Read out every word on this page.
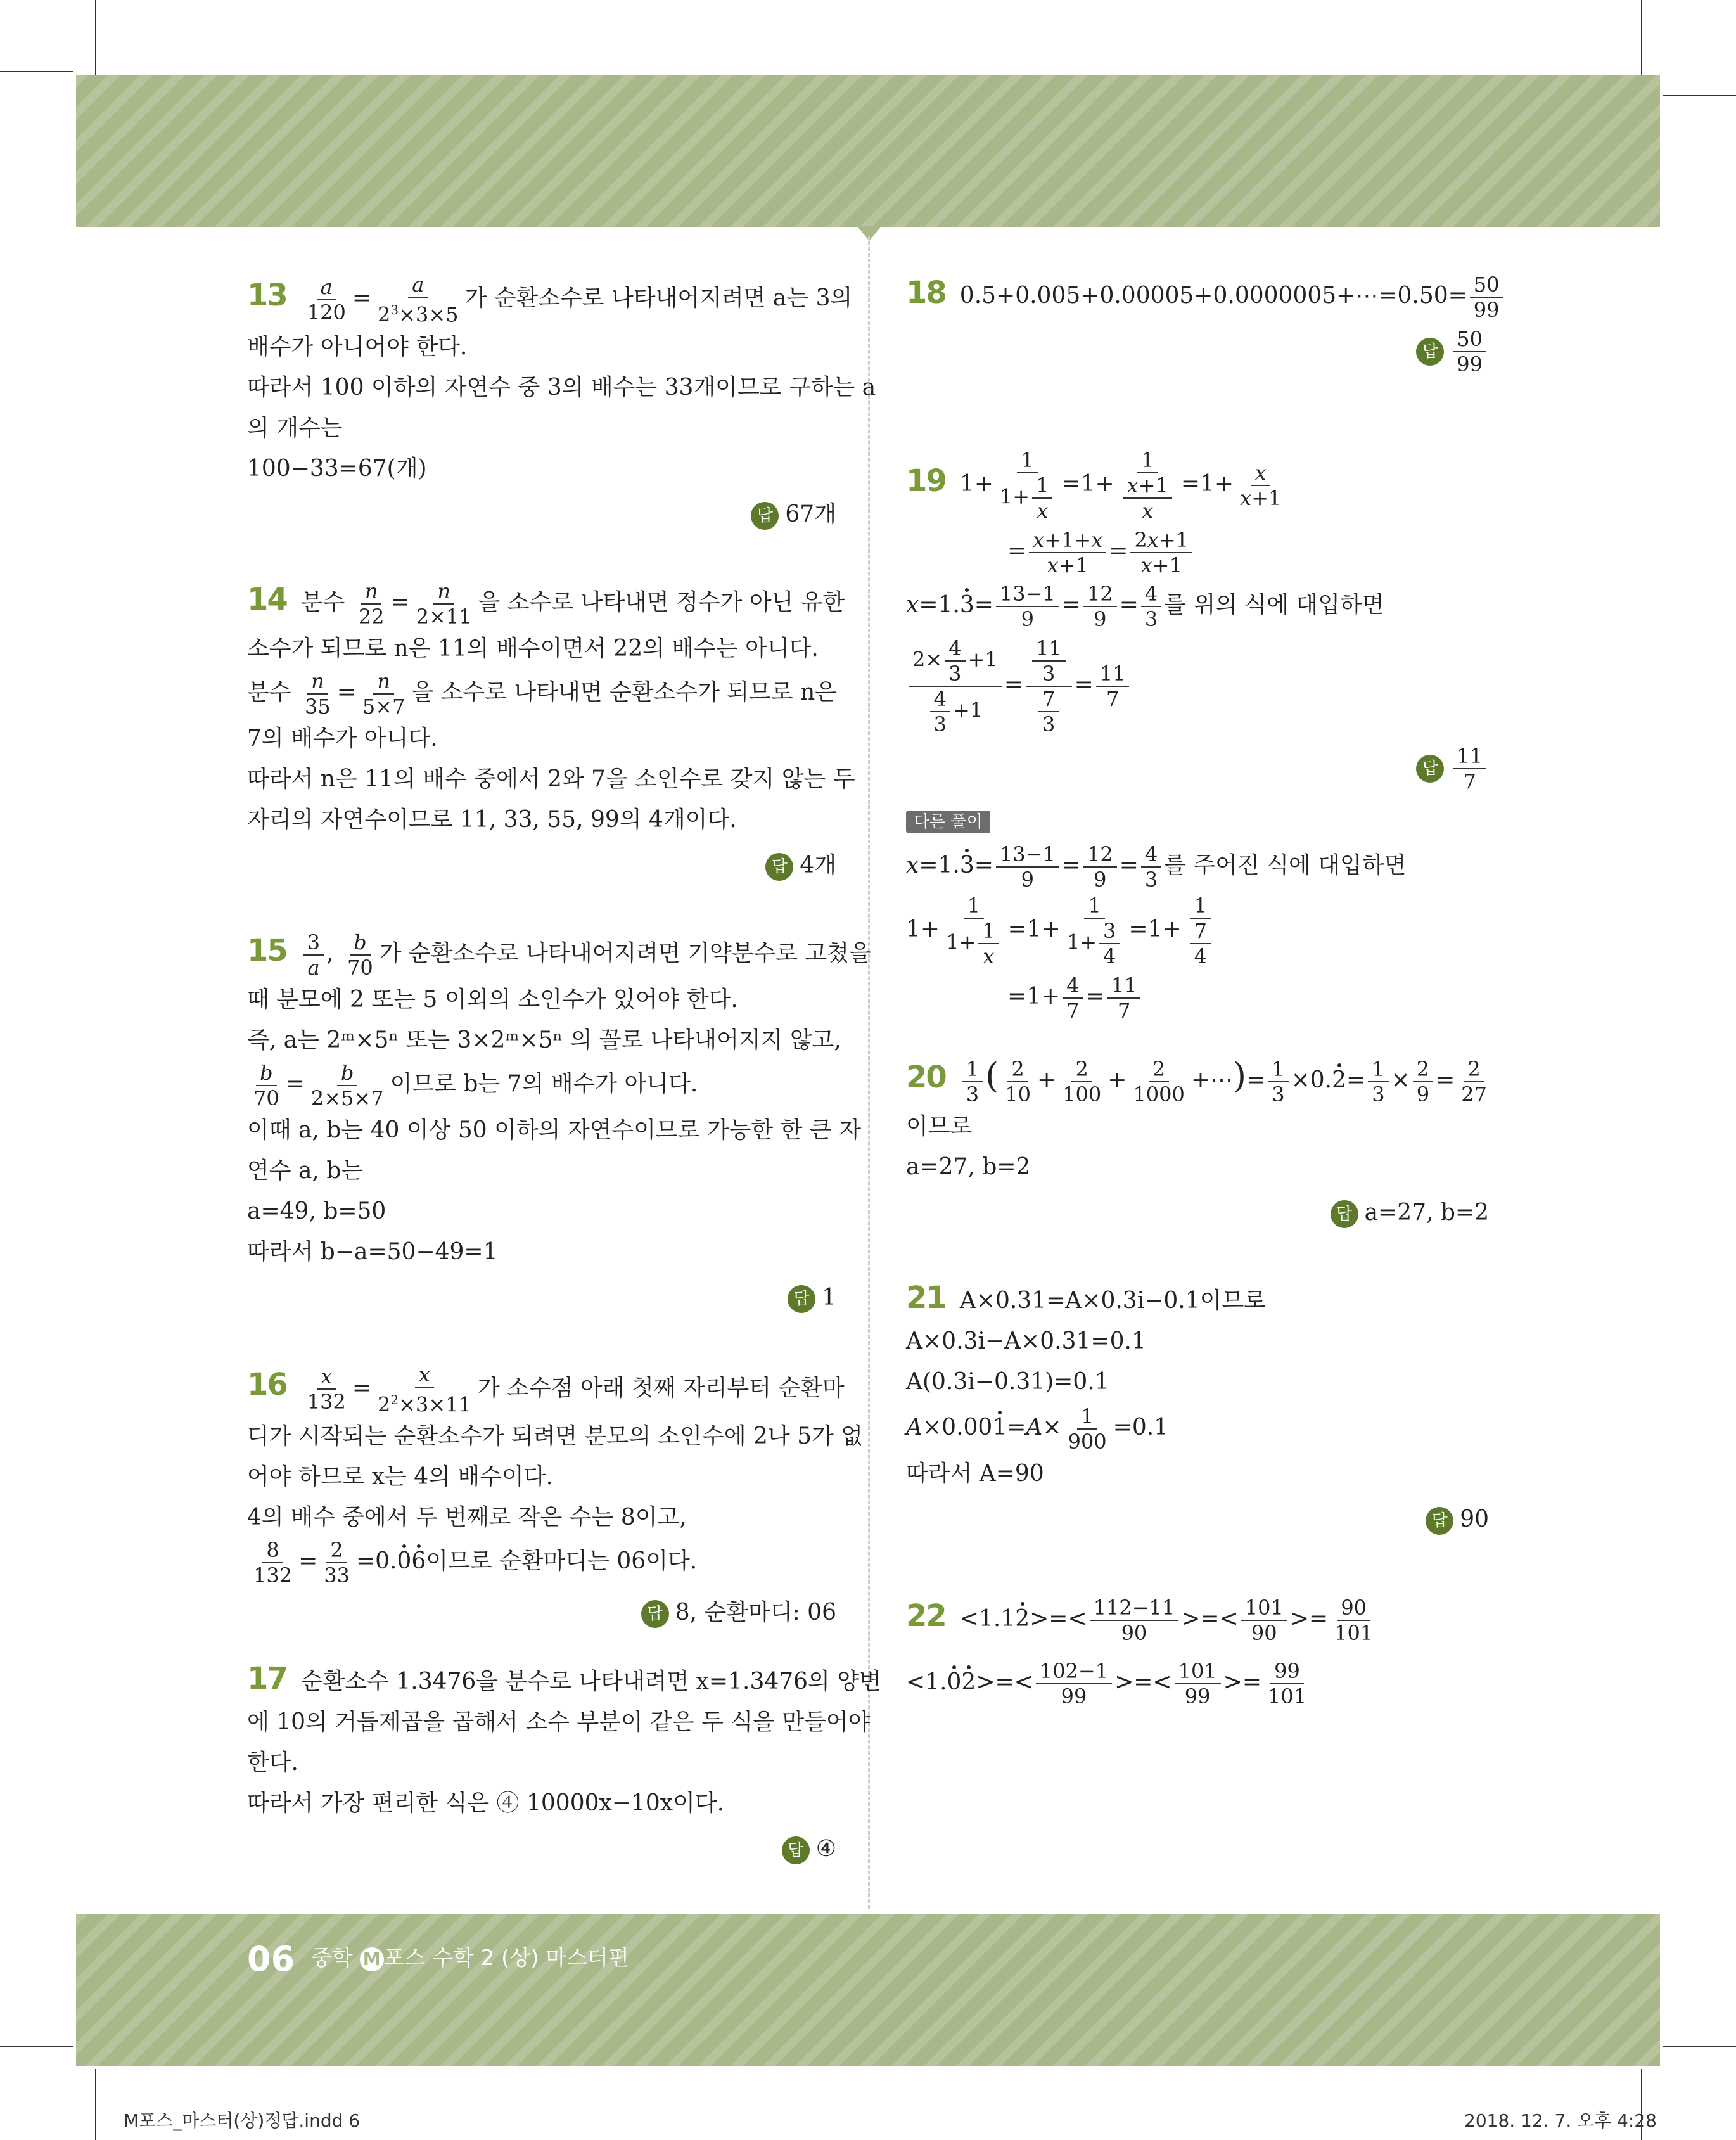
$13 \frac{a}{120} = \frac{a}{2^3\times 3\times 5}$ 가 순환소수로 나타내어지려면 a는 3의
배수가 아니어야 한다.
따라서 100 이하의 자연수 중 3의 배수는 33개이므로 구하는 a
의 개수는
100−33=67(개)
답 67개
14 분수 $\frac{n}{22} = \frac{n}{2\times 11}$ 을 소수로 나타내면 정수가 아닌 유한
소수가 되므로 n은 11의 배수이면서 22의 배수는 아니다.
분수 $\frac{n}{35} = \frac{n}{5\times 7}$ 을 소수로 나타내면 순환소수가 되므로 n은
7의 배수가 아니다.
따라서 n은 11의 배수 중에서 2와 7을 소인수로 갖지 않는 두
자리의 자연수이므로 11, 33, 55, 99의 4개이다.
답 4개
$15 \frac{3}{a}$ , $\frac{b}{70}$ 가 순환소수로 나타내어지려면 기약분수로 고쳤을
때 분모에 2 또는 5 이외의 소인수가 있어야 한다.
즉, a는 2ᵐ×5ⁿ 또는 3×2ᵐ×5ⁿ 의 꼴로 나타내어지지 않고,
$\frac{b}{70} = \frac{b}{2\times 5\times 7}$ 이므로 b는 7의 배수가 아니다.
이때 a, b는 40 이상 50 이하의 자연수이므로 가능한 한 큰 자
연수 a, b는
a=49, b=50
따라서 b−a=50−49=1
답 1
$16 \frac{x}{132} = \frac{x}{2^2\times 3\times 11}$ 가 소수점 아래 첫째 자리부터 순환마
디가 시작되는 순환소수가 되려면 분모의 소인수에 2나 5가 없
어야 하므로 x는 4의 배수이다.
4의 배수 중에서 두 번째로 작은 수는 8이고,
$\frac{8}{132} = \frac{2}{33} =0.06$이므로 순환마디는 06이다.
답 8, 순환마디: 06
17 순환소수 1.3476을 분수로 나타내려면 x=1.3476의 양변
에 10의 거듭제곱을 곱해서 소수 부분이 같은 두 식을 만들어야
한다.
따라서 가장 편리한 식은 ④ 10000x−10x이다.
답 ④
18 0.5+0.005+0.00005+0.0000005+⋯=0.50= $\frac{50}{99}$
답 $\frac{50}{99}$
19 $1+ \frac{1}{1+ \frac{1}{x}} =1+ \frac{1}{\frac{x+1}{x}} =1+ \frac{x}{x+1}$
= $\frac{x+1+x}{x+1} = \frac{2x+1}{x+1}$
$x=1.3= \frac{13-1}{9} = \frac{12}{9} = \frac{4}{3}$ 를 위의 식에 대입하면
$\frac{2\times \frac{4}{3} +1}{\frac{4}{3} +1} = \frac{\frac{11}{3}}{\frac{7}{3}} = \frac{11}{7}$
답 $\frac{11}{7}$
다른 풀이
$x=1.3= \frac{13-1}{9} = \frac{12}{9} = \frac{4}{3}$ 를 주어진 식에 대입하면
$1+ \frac{1}{1+ \frac{1}{x}} =1+ \frac{1}{1+ \frac{3}{4}} =1+ \frac{1}{\frac{7}{4}}$
$=1+ \frac{4}{7} = \frac{11}{7}$
$20 \frac{1}{3}$ ( $\frac{2}{10} + \frac{2}{100} + \frac{2}{1000}$ +⋯)= $\frac{1}{3} \times 0.2= \frac{1}{3} \times \frac{2}{9} = \frac{2}{27}$
이므로
a=27, b=2
답 a=27, b=2
21 A×0.31=A×0.3i−0.1이므로
A×0.3i−A×0.31=0.1
A(0.3i−0.31)=0.1
$A\times 0.001=A\times \frac{1}{900} =0.1$
따라서 A=90
답 90
$22 <1.12>=< \frac{112-11}{90}$ >=< $\frac{101}{90} >= \frac{90}{101}$
$<1.02>=< \frac{102-1}{99}$ >=< $\frac{101}{99} >= \frac{99}{101}$
06 중학 M 포스 수학 2 (상) 마스터편
M포스_마스터(상)정답.indd 6	2018. 12. 7. 오후 4:28
